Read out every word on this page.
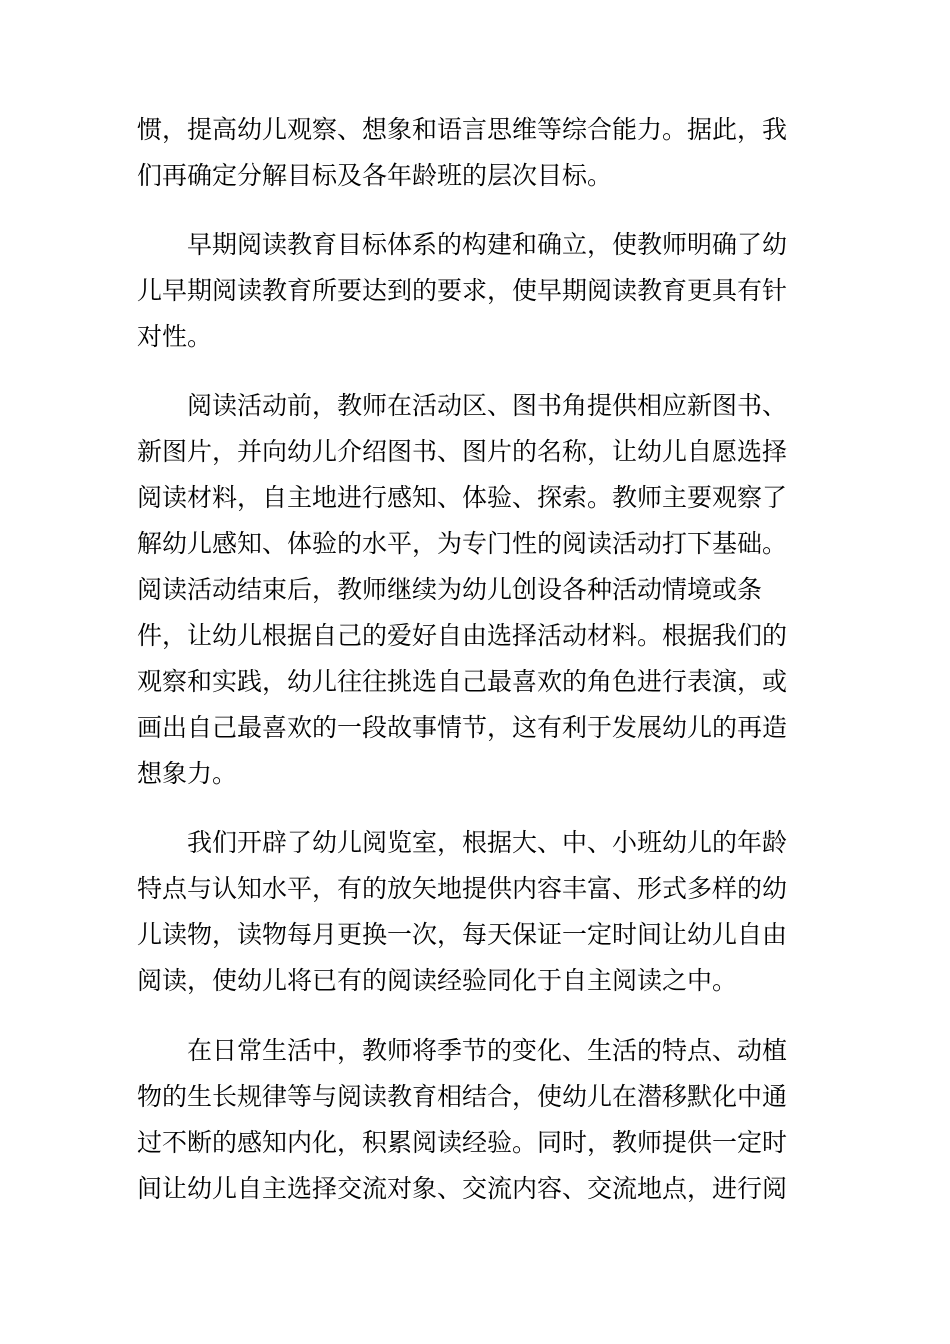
惯，提高幼儿观察、想象和语言思维等综合能力。据此，我
们再确定分解目标及各年龄班的层次目标。
早期阅读教育目标体系的构建和确立，使教师明确了幼
儿早期阅读教育所要达到的要求，使早期阅读教育更具有针
对性。
阅读活动前，教师在活动区、图书角提供相应新图书、
新图片，并向幼儿介绍图书、图片的名称，让幼儿自愿选择
阅读材料，自主地进行感知、体验、探索。教师主要观察了
解幼儿感知、体验的水平，为专门性的阅读活动打下基础。
阅读活动结束后，教师继续为幼儿创设各种活动情境或条
件，让幼儿根据自己的爱好自由选择活动材料。根据我们的
观察和实践，幼儿往往挑选自己最喜欢的角色进行表演，或
画出自己最喜欢的一段故事情节，这有利于发展幼儿的再造
想象力。
我们开辟了幼儿阅览室，根据大、中、小班幼儿的年龄
特点与认知水平，有的放矢地提供内容丰富、形式多样的幼
儿读物，读物每月更换一次，每天保证一定时间让幼儿自由
阅读，使幼儿将已有的阅读经验同化于自主阅读之中。
在日常生活中，教师将季节的变化、生活的特点、动植
物的生长规律等与阅读教育相结合，使幼儿在潜移默化中通
过不断的感知内化，积累阅读经验。同时，教师提供一定时
间让幼儿自主选择交流对象、交流内容、交流地点，进行阅
